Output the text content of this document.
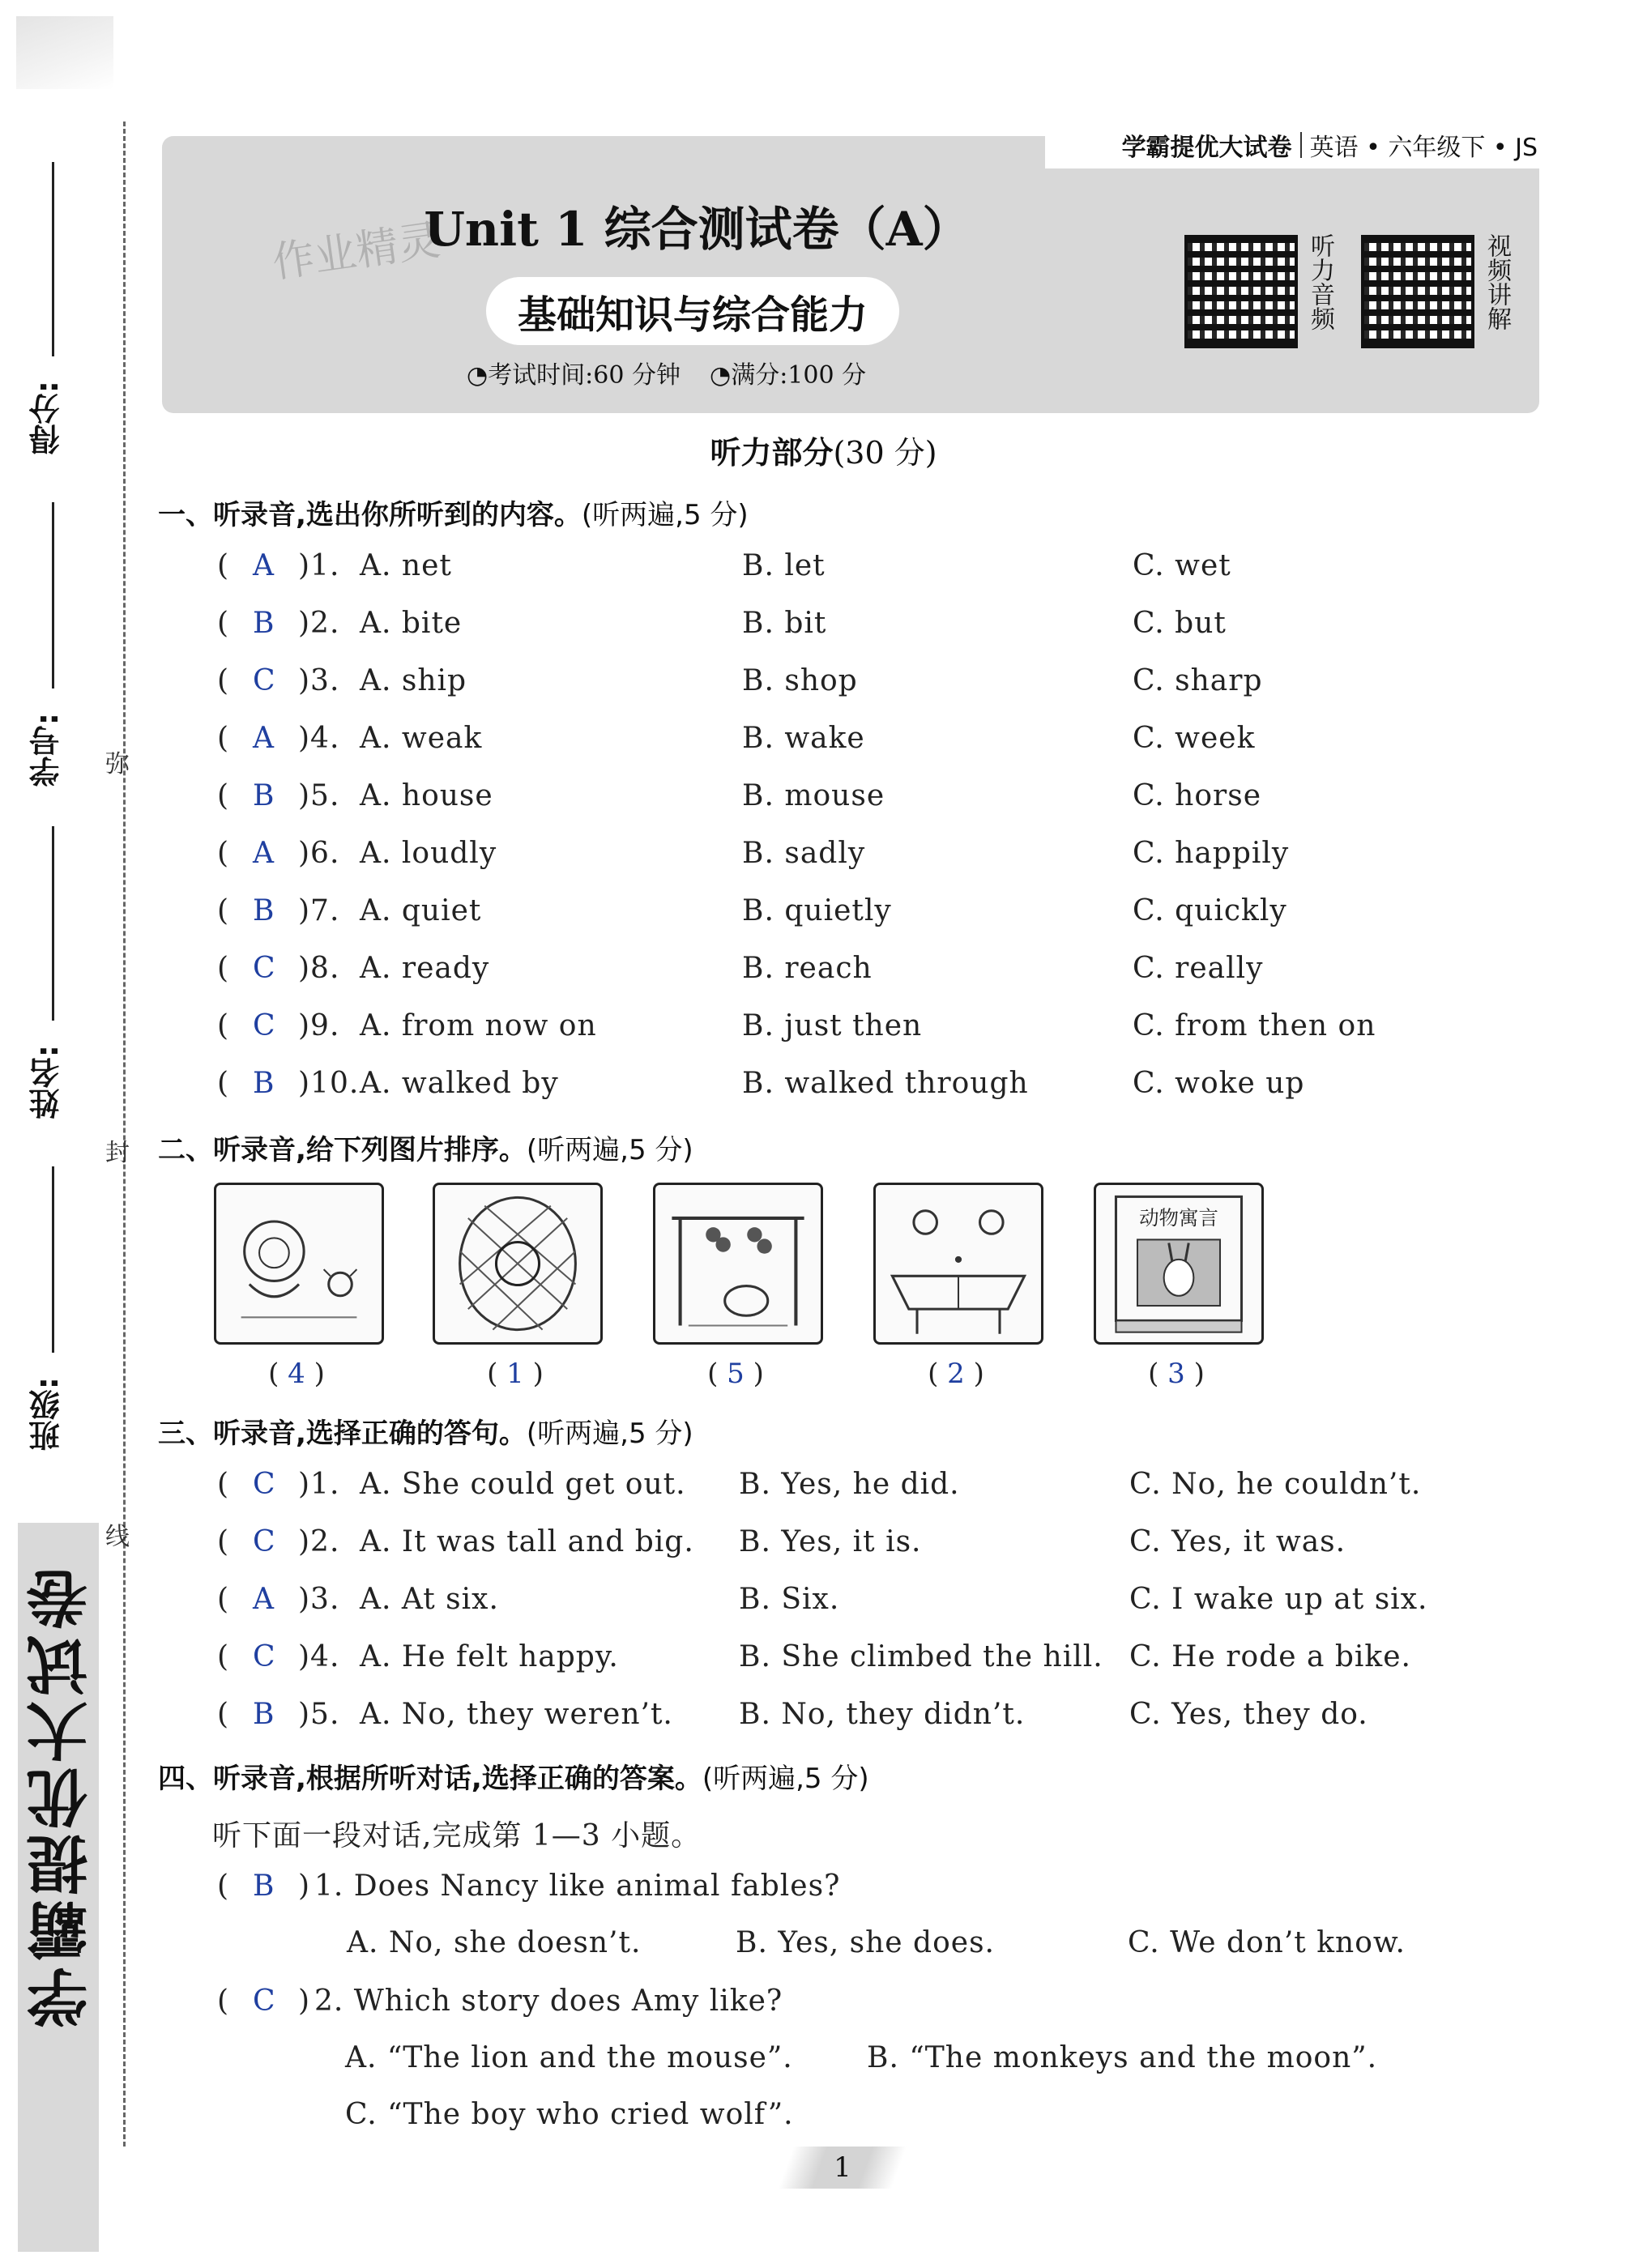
学霸提优大试卷
得分:
学号:
姓名:
班级:
弥
封
线
学霸提优大试卷 英语 • 六年级下 • JS
作业精灵
Unit 1 综合测试卷（A）
基础知识与综合能力
◔考试时间:60 分钟 ◔满分:100 分
听力音频	视频讲解
听力部分(30 分)
一、听录音,选出你所听到的内容。(听两遍,5 分)
( A )1. A. net	B. let	C. wet
( B )2. A. bite	B. bit	C. but
( C )3. A. ship	B. shop	C. sharp
( A )4. A. weak	B. wake	C. week
( B )5. A. house	B. mouse	C. horse
( A )6. A. loudly	B. sadly	C. happily
( B )7. A. quiet	B. quietly	C. quickly
( C )8. A. ready	B. reach	C. really
( C )9. A. from now on	B. just then	C. from then on
( B )10. A. walked by	B. walked through	C. woke up
二、听录音,给下列图片排序。(听两遍,5 分)
动物寓言
( 4 )	( 1 )	( 5 )	( 2 )	( 3 )
三、听录音,选择正确的答句。(听两遍,5 分)
( C )1. A. She could get out. B. Yes, he did.	C. No, he couldn’t.
( C )2. A. It was tall and big. B. Yes, it is.	C. Yes, it was.
( A )3. A. At six.	B. Six.	C. I wake up at six.
( C )4. A. He felt happy.	B. She climbed the hill. C. He rode a bike.
( B )5. A. No, they weren’t. B. No, they didn’t.	C. Yes, they do.
四、听录音,根据所听对话,选择正确的答案。(听两遍,5 分)
听下面一段对话,完成第 1—3 小题。
( B ) 1. Does Nancy like animal fables?
A. No, she doesn’t.	B. Yes, she does.	C. We don’t know.
( C ) 2. Which story does Amy like?
A. “The lion and the mouse”.	B. “The monkeys and the moon”.
C. “The boy who cried wolf”.
1
